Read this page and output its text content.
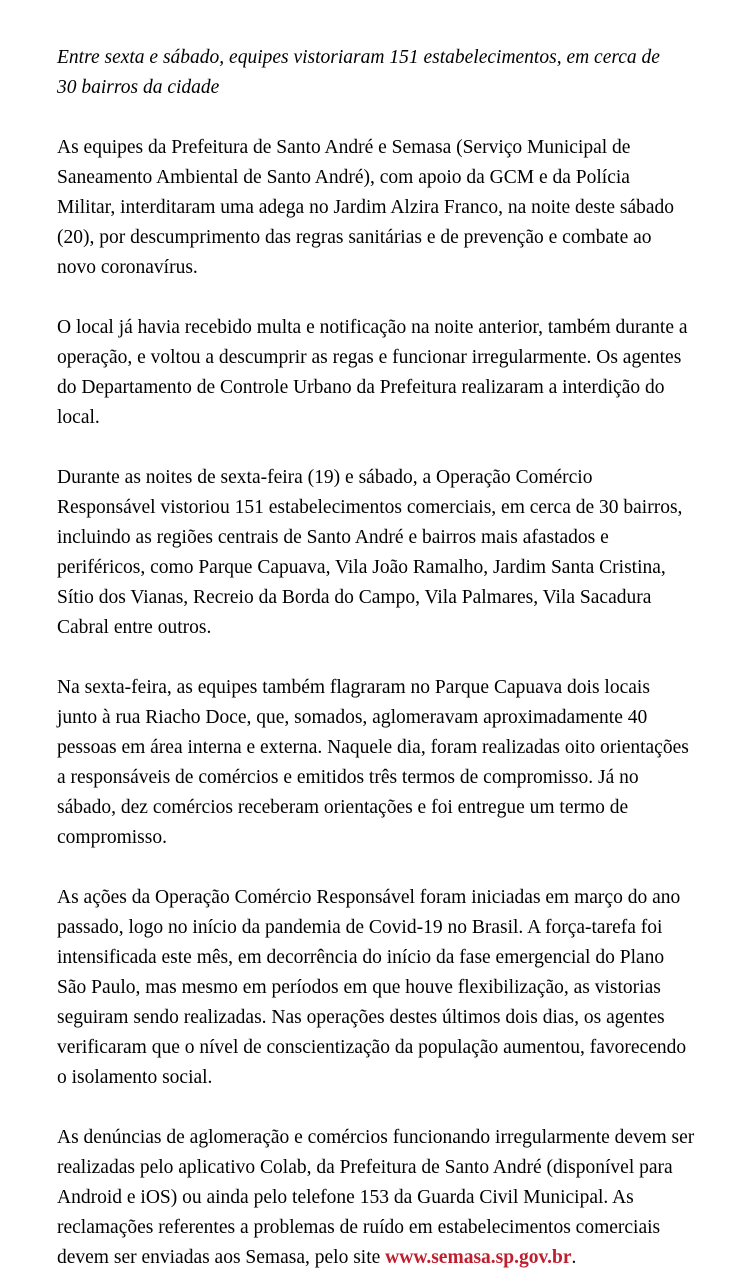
Entre sexta e sábado, equipes vistoriaram 151 estabelecimentos, em cerca de
30 bairros da cidade

As equipes da Prefeitura de Santo André e Semasa (Serviço Municipal de
Saneamento Ambiental de Santo André), com apoio da GCM e da Polícia
Militar, interditaram uma adega no Jardim Alzira Franco, na noite deste sábado
(20), por descumprimento das regras sanitárias e de prevenção e combate ao
novo coronavírus.

O local já havia recebido multa e notificação na noite anterior, também durante a
operação, e voltou a descumprir as regas e funcionar irregularmente. Os agentes
do Departamento de Controle Urbano da Prefeitura realizaram a interdição do
local.

Durante as noites de sexta-feira (19) e sábado, a Operação Comércio
Responsável vistoriou 151 estabelecimentos comerciais, em cerca de 30 bairros,
incluindo as regiões centrais de Santo André e bairros mais afastados e
periféricos, como Parque Capuava, Vila João Ramalho, Jardim Santa Cristina,
Sítio dos Vianas, Recreio da Borda do Campo, Vila Palmares, Vila Sacadura
Cabral entre outros.

Na sexta-feira, as equipes também flagraram no Parque Capuava dois locais
junto à rua Riacho Doce, que, somados, aglomeravam aproximadamente 40
pessoas em área interna e externa. Naquele dia, foram realizadas oito orientações
a responsáveis de comércios e emitidos três termos de compromisso. Já no
sábado, dez comércios receberam orientações e foi entregue um termo de
compromisso.

As ações da Operação Comércio Responsável foram iniciadas em março do ano
passado, logo no início da pandemia de Covid-19 no Brasil. A força-tarefa foi
intensificada este mês, em decorrência do início da fase emergencial do Plano
São Paulo, mas mesmo em períodos em que houve flexibilização, as vistorias
seguiram sendo realizadas. Nas operações destes últimos dois dias, os agentes
verificaram que o nível de conscientização da população aumentou, favorecendo
o isolamento social.

As denúncias de aglomeração e comércios funcionando irregularmente devem ser
realizadas pelo aplicativo Colab, da Prefeitura de Santo André (disponível para
Android e iOS) ou ainda pelo telefone 153 da Guarda Civil Municipal. As
reclamações referentes a problemas de ruído em estabelecimentos comerciais
devem ser enviadas aos Semasa, pelo site www.semasa.sp.gov.br.
